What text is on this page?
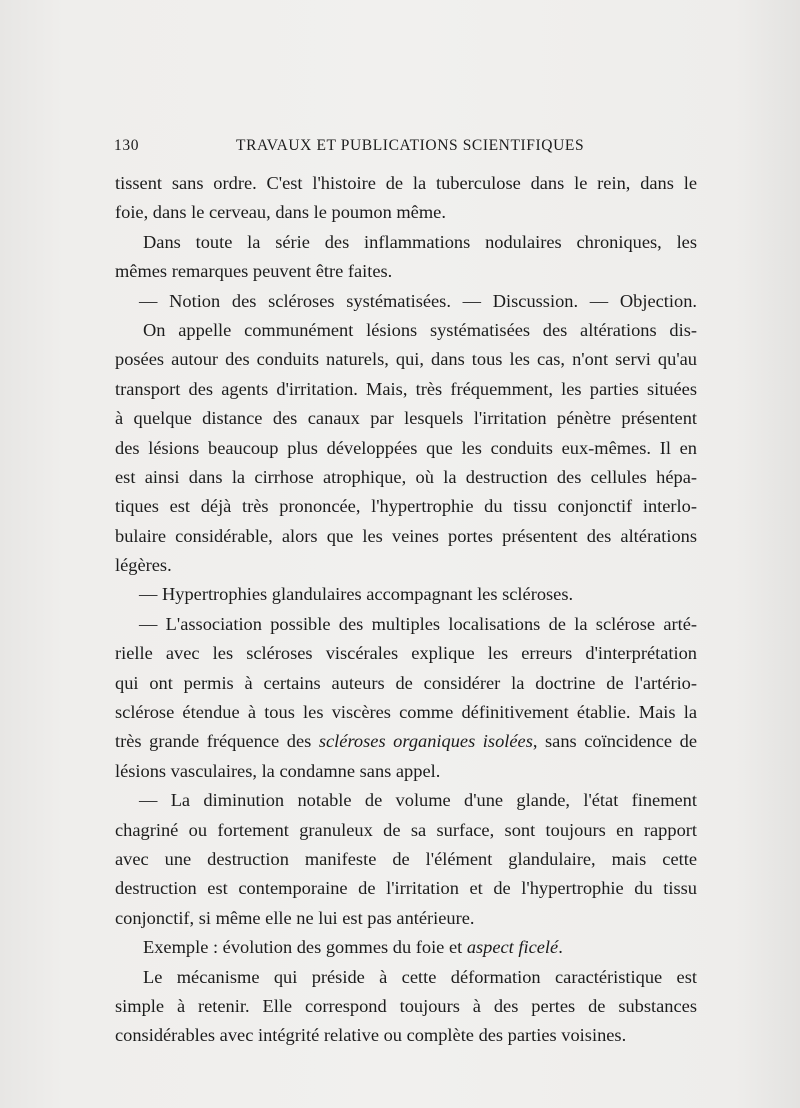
130	TRAVAUX ET PUBLICATIONS SCIENTIFIQUES
tissent sans ordre. C'est l'histoire de la tuberculose dans le rein, dans le
foie, dans le cerveau, dans le poumon même.
Dans toute la série des inflammations nodulaires chroniques, les
mêmes remarques peuvent être faites.
— Notion des scléroses systématisées. — Discussion. — Objection.
On appelle communément lésions systématisées des altérations dis-
posées autour des conduits naturels, qui, dans tous les cas, n'ont servi qu'au
transport des agents d'irritation. Mais, très fréquemment, les parties situées
à quelque distance des canaux par lesquels l'irritation pénètre présentent
des lésions beaucoup plus développées que les conduits eux-mêmes. Il en
est ainsi dans la cirrhose atrophique, où la destruction des cellules hépa-
tiques est déjà très prononcée, l'hypertrophie du tissu conjonctif interlo-
bulaire considérable, alors que les veines portes présentent des altérations
légères.
— Hypertrophies glandulaires accompagnant les scléroses.
— L'association possible des multiples localisations de la sclérose arté-
rielle avec les scléroses viscérales explique les erreurs d'interprétation
qui ont permis à certains auteurs de considérer la doctrine de l'artério-
sclérose étendue à tous les viscères comme définitivement établie. Mais la
très grande fréquence des scléroses organiques isolées, sans coïncidence de
lésions vasculaires, la condamne sans appel.
— La diminution notable de volume d'une glande, l'état finement
chagriné ou fortement granuleux de sa surface, sont toujours en rapport
avec une destruction manifeste de l'élément glandulaire, mais cette
destruction est contemporaine de l'irritation et de l'hypertrophie du tissu
conjonctif, si même elle ne lui est pas antérieure.
Exemple : évolution des gommes du foie et aspect ficelé.
Le mécanisme qui préside à cette déformation caractéristique est
simple à retenir. Elle correspond toujours à des pertes de substances
considérables avec intégrité relative ou complète des parties voisines.
